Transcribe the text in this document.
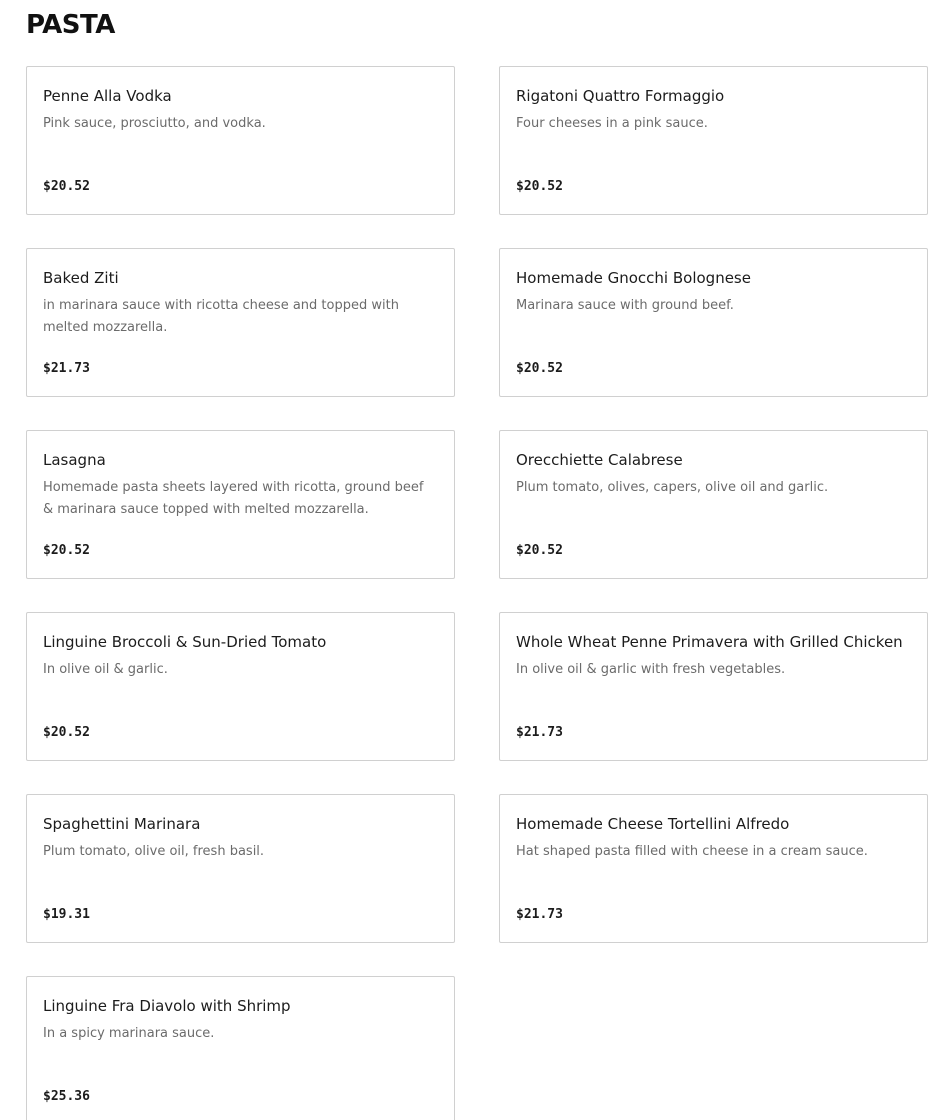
PASTA
Penne Alla Vodka
Pink sauce, prosciutto, and vodka.
$20.52
Rigatoni Quattro Formaggio
Four cheeses in a pink sauce.
$20.52
Baked Ziti
in marinara sauce with ricotta cheese and topped with melted mozzarella.
$21.73
Homemade Gnocchi Bolognese
Marinara sauce with ground beef.
$20.52
Lasagna
Homemade pasta sheets layered with ricotta, ground beef & marinara sauce topped with melted mozzarella.
$20.52
Orecchiette Calabrese
Plum tomato, olives, capers, olive oil and garlic.
$20.52
Linguine Broccoli & Sun-Dried Tomato
In olive oil & garlic.
$20.52
Whole Wheat Penne Primavera with Grilled Chicken
In olive oil & garlic with fresh vegetables.
$21.73
Spaghettini Marinara
Plum tomato, olive oil, fresh basil.
$19.31
Homemade Cheese Tortellini Alfredo
Hat shaped pasta filled with cheese in a cream sauce.
$21.73
Linguine Fra Diavolo with Shrimp
In a spicy marinara sauce.
$25.36
